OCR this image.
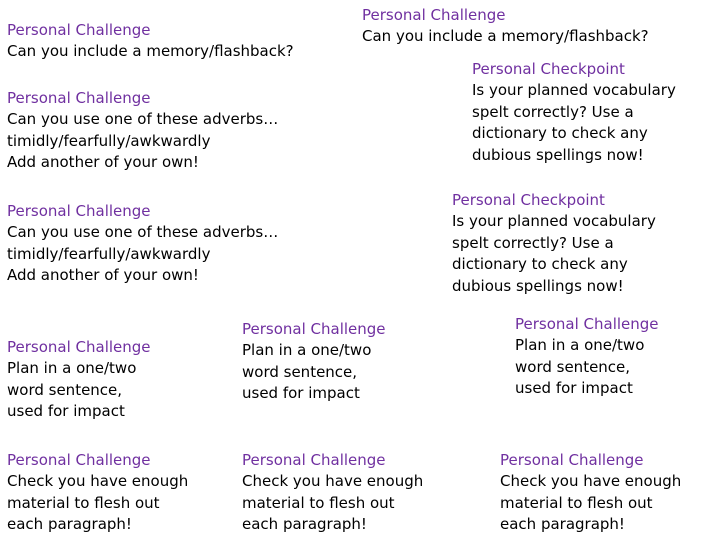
Personal Challenge
Can you include a memory/flashback?
Personal Challenge
Can you include a memory/flashback?
Personal Checkpoint
Is your planned vocabulary
spelt correctly? Use a
dictionary to check any
dubious spellings now!
Personal Challenge
Can you use one of these adverbs…
timidly/fearfully/awkwardly
Add another of your own!
Personal Checkpoint
Is your planned vocabulary
spelt correctly? Use a
dictionary to check any
dubious spellings now!
Personal Challenge
Can you use one of these adverbs…
timidly/fearfully/awkwardly
Add another of your own!
Personal Challenge
Plan in a one/two
word sentence,
used for impact
Personal Challenge
Plan in a one/two
word sentence,
used for impact
Personal Challenge
Plan in a one/two
word sentence,
used for impact
Personal Challenge
Check you have enough
material to flesh out
each paragraph!
Personal Challenge
Check you have enough
material to flesh out
each paragraph!
Personal Challenge
Check you have enough
material to flesh out
each paragraph!
